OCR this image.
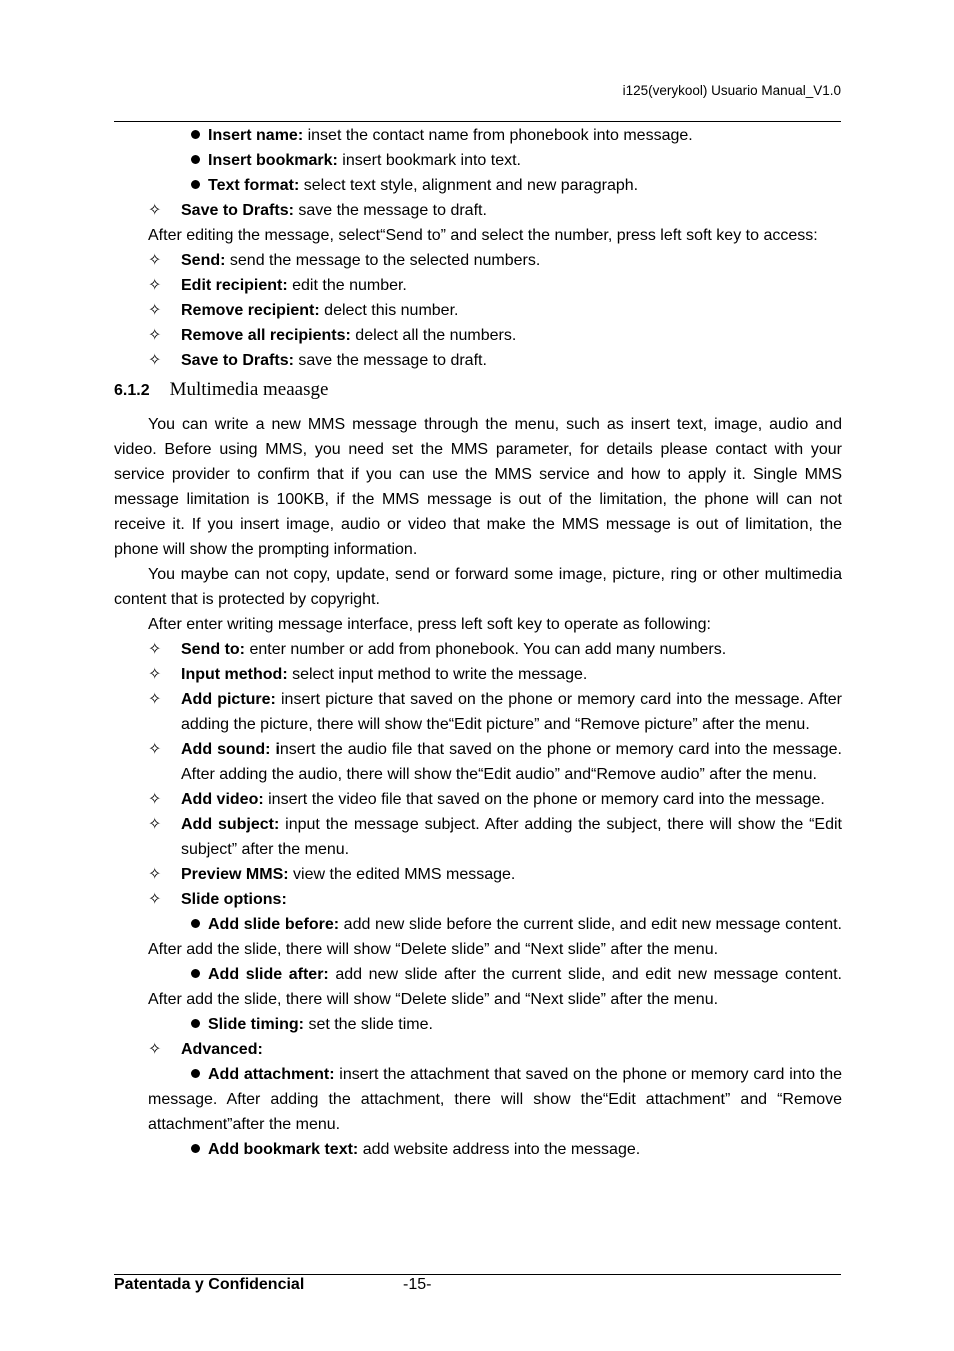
i125(verykool) Usuario Manual_V1.0
Insert name: inset the contact name from phonebook into message.
Insert bookmark: insert bookmark into text.
Text format: select text style, alignment and new paragraph.
✧ Save to Drafts: save the message to draft.
After editing the message, select“Send to” and select the number, press left soft key to access:
✧ Send: send the message to the selected numbers.
✧ Edit recipient: edit the number.
✧ Remove recipient: delect this number.
✧ Remove all recipients: delect all the numbers.
✧ Save to Drafts: save the message to draft.
6.1.2 Multimedia meaasge
You can write a new MMS message through the menu, such as insert text, image, audio and video. Before using MMS, you need set the MMS parameter, for details please contact with your service provider to confirm that if you can use the MMS service and how to apply it. Single MMS message limitation is 100KB, if the MMS message is out of the limitation, the phone will can not receive it. If you insert image, audio or video that make the MMS message is out of limitation, the phone will show the prompting information.
You maybe can not copy, update, send or forward some image, picture, ring or other multimedia content that is protected by copyright.
After enter writing message interface, press left soft key to operate as following:
✧ Send to: enter number or add from phonebook. You can add many numbers.
✧ Input method: select input method to write the message.
✧ Add picture: insert picture that saved on the phone or memory card into the message. After adding the picture, there will show the“Edit picture” and “Remove picture” after the menu.
✧ Add sound: insert the audio file that saved on the phone or memory card into the message. After adding the audio, there will show the“Edit audio” and“Remove audio” after the menu.
✧ Add video: insert the video file that saved on the phone or memory card into the message.
✧ Add subject: input the message subject. After adding the subject, there will show the “Edit subject” after the menu.
✧ Preview MMS: view the edited MMS message.
✧ Slide options:
Add slide before: add new slide before the current slide, and edit new message content. After add the slide, there will show “Delete slide” and “Next slide” after the menu.
Add slide after: add new slide after the current slide, and edit new message content. After add the slide, there will show “Delete slide” and “Next slide” after the menu.
Slide timing: set the slide time.
✧ Advanced:
Add attachment: insert the attachment that saved on the phone or memory card into the message. After adding the attachment, there will show the“Edit attachment” and “Remove attachment”after the menu.
Add bookmark text: add website address into the message.
Patentada y Confidencial	-15-
